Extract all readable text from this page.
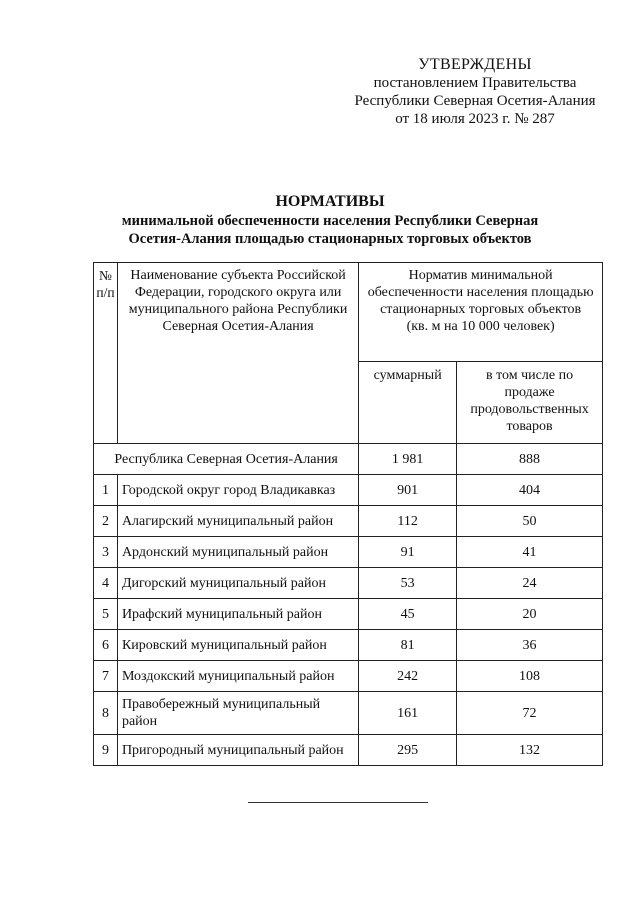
УТВЕРЖДЕНЫ
постановлением Правительства
Республики Северная Осетия-Алания
от 18 июля 2023 г. № 287
НОРМАТИВЫ
минимальной обеспеченности населения Республики Северная
Осетия-Алания площадью стационарных торговых объектов
№ п/п	Наименование субъекта Российской Федерации, городского округа или муниципального района Республики Северная Осетия-Алания	Норматив минимальной обеспеченности населения площадью стационарных торговых объектов
(кв. м на 10 000 человек)	

		суммарный	в том числе по продаже продовольственных товаров
Республика Северная Осетия-Алания		1 981	888
1	Городской округ город Владикавказ	901	404
2	Алагирский муниципальный район	112	50
3	Ардонский муниципальный район	91	41
4	Дигорский муниципальный район	53	24
5	Ирафский муниципальный район	45	20
6	Кировский муниципальный район	81	36
7	Моздокский муниципальный район	242	108
8	Правобережный муниципальный район	161	72
9	Пригородный муниципальный район	295	132
